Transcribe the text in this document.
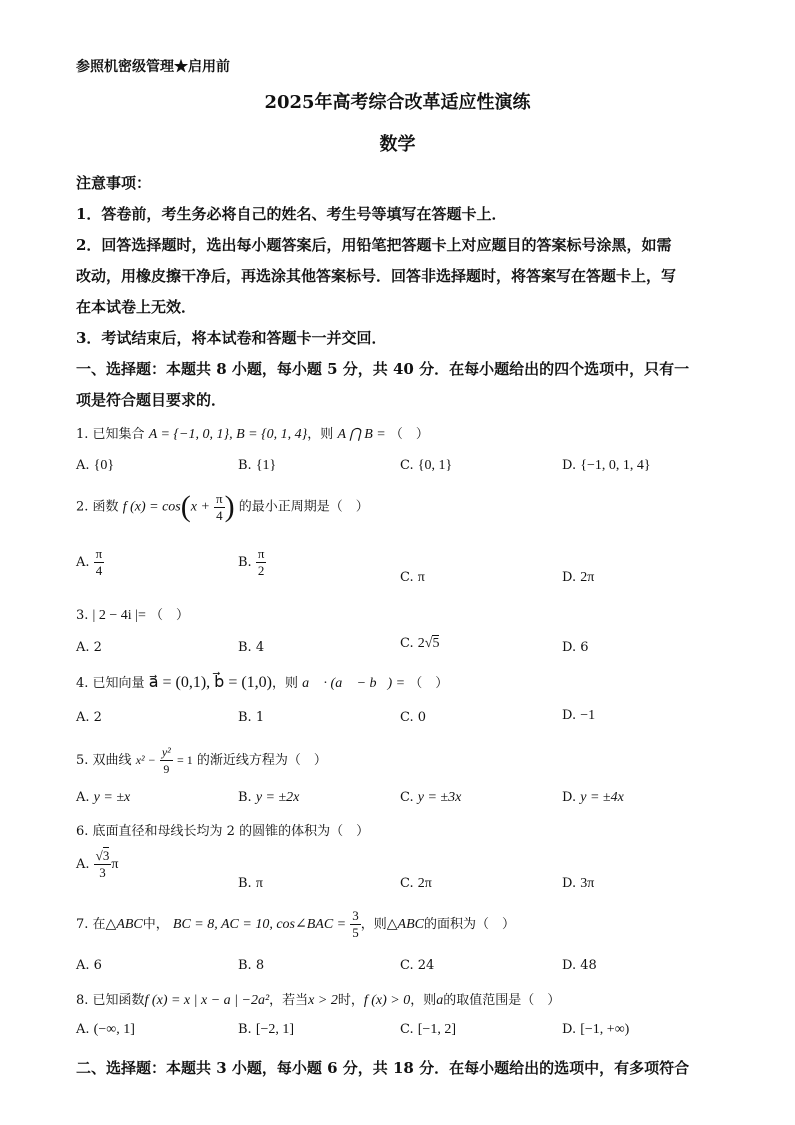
参照机密级管理★启用前
2025年高考综合改革适应性演练
数学
注意事项：
1．答卷前，考生务必将自己的姓名、考生号等填写在答题卡上．
2．回答选择题时，选出每小题答案后，用铅笔把答题卡上对应题目的答案标号涂黑，如需
改动，用橡皮擦干净后，再选涂其他答案标号．回答非选择题时，将答案写在答题卡上，写
在本试卷上无效．
3．考试结束后，将本试卷和答题卡一并交回．
一、选择题：本题共 8 小题，每小题 5 分，共 40 分．在每小题给出的四个选项中，只有一
项是符合题目要求的．
1. 已知集合 A = {−1, 0, 1}, B = {0, 1, 4}，则 A ⋂ B = （　）
A. {0}	B. {1}	C. {0, 1}	D. {−1, 0, 1, 4}
2. 函数 f $(x) = \cos(x + \frac{\pi}{4}$ ) 的最小正周期是（　）
A. $\frac{\pi}{4}$	B. $\frac{\pi}{2}$	C. π	D. 2π
3. | 2 − 4i |= （　）
A. 2	B. 4	C. 2√5	D. 6
4. 已知向量 a⃗ = (0,1), b⃗ = (1,0)，则 a⃗ · (a⃗ − b⃗) = （　）
A. 2	B. 1	C. 0	D. −1
5. 双曲线 $x^2 - \frac{\text{y²}}{9} = 1$ 的渐近线方程为（　）
A. y = ±x	B. y = ±2x	C. y = ±3x	D. y = ±4x
6. 底面直径和母线长均为 2 的圆锥的体积为（　）
A. $\frac{√3}{3}$ π
B. π	C. 2π	D. 3π
7. 在△ABC中， BC = 8, AC = 10, cos∠BAC = $\frac{3}{5}$ ，则△ABC的面积为（　）
A. 6	B. 8	C. 24	D. 48
8. 已知函数f (x) = x | x − a | −2a²，若当x > 2时，f (x) > 0，则a的取值范围是（　）
A. (−∞, 1]	B. [−2, 1]	C. [−1, 2]	D. [−1, +∞)
二、选择题：本题共 3 小题，每小题 6 分，共 18 分．在每小题给出的选项中，有多项符合
